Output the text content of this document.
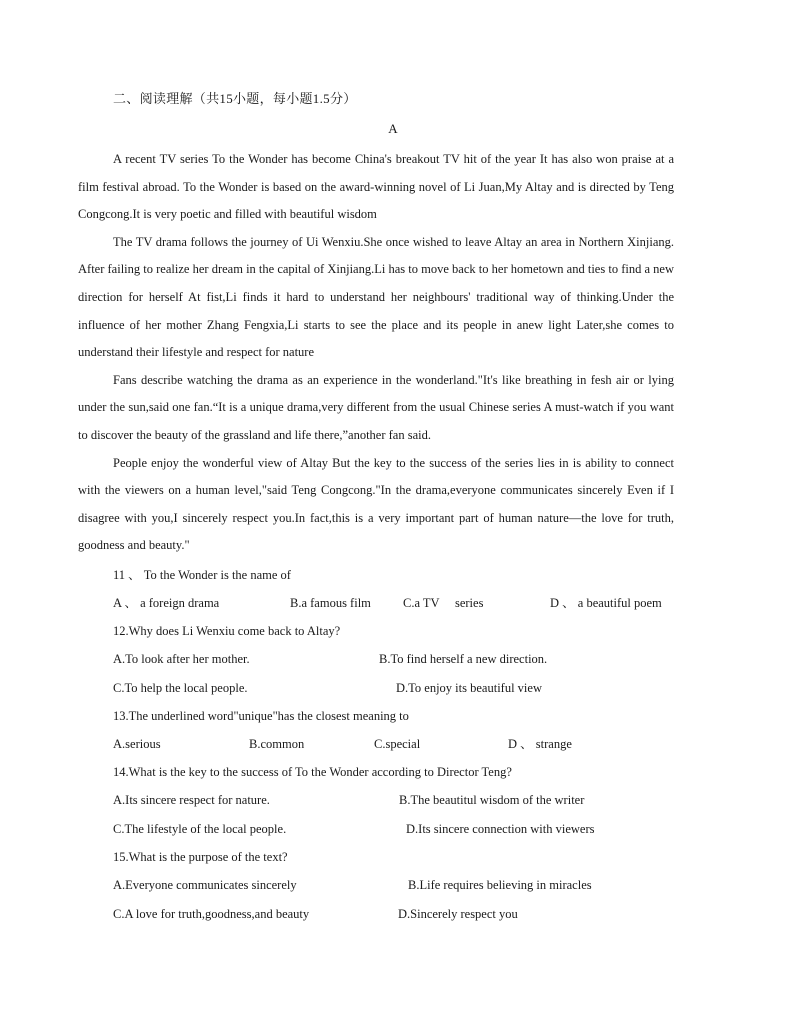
二、阅读理解（共15小题，每小题1.5分）
A

A recent TV series To the Wonder has become China's breakout TV hit of the year It has also won praise at a film festival abroad. To the Wonder is based on the award-winning novel of Li Juan,My Altay and is directed by Teng Congcong.It is very poetic and filled with beautiful wisdom

The TV drama follows the journey of Ui Wenxiu.She once wished to leave Altay an area in Northern Xinjiang. After failing to realize her dream in the capital of Xinjiang.Li has to move back to her hometown and ties to find a new direction for herself At fist,Li finds it hard to understand her neighbours' traditional way of thinking.Under the influence of her mother Zhang Fengxia,Li starts to see the place and its people in anew light Later,she comes to understand their lifestyle and respect for nature

Fans describe watching the drama as an experience in the wonderland."It's like breathing in fesh air or lying under the sun,said one fan.“It is a unique drama,very different from the usual Chinese series A must-watch if you want to discover the beauty of the grassland and life there,”another fan said.

People enjoy the wonderful view of Altay But the key to the success of the series lies in is ability to connect with the viewers on a human level,"said Teng Congcong."In the drama,everyone communicates sincerely Even if I disagree with you,I sincerely respect you.In fact,this is a very important part of human nature—the love for truth, goodness and beauty."

11 、 To the Wonder is the name of
A 、 a foreign drama	B.a famous film	C.a TV     series	D 、 a beautiful poem
12.Why does Li Wenxiu come back to Altay?
A.To look after her mother.	B.To find herself a new direction.
C.To help the local people.	D.To enjoy its beautiful view
13.The underlined word"unique"has the closest meaning to
A.serious	B.common	C.special	D 、 strange
14.What is the key to the success of To the Wonder according to Director Teng?
A.Its sincere respect for nature.	B.The beautitul wisdom of the writer
C.The lifestyle of the local people.	D.Its sincere connection with viewers
15.What is the purpose of the text?
A.Everyone communicates sincerely	B.Life requires believing in miracles
C.A love for truth,goodness,and beauty	D.Sincerely respect you
